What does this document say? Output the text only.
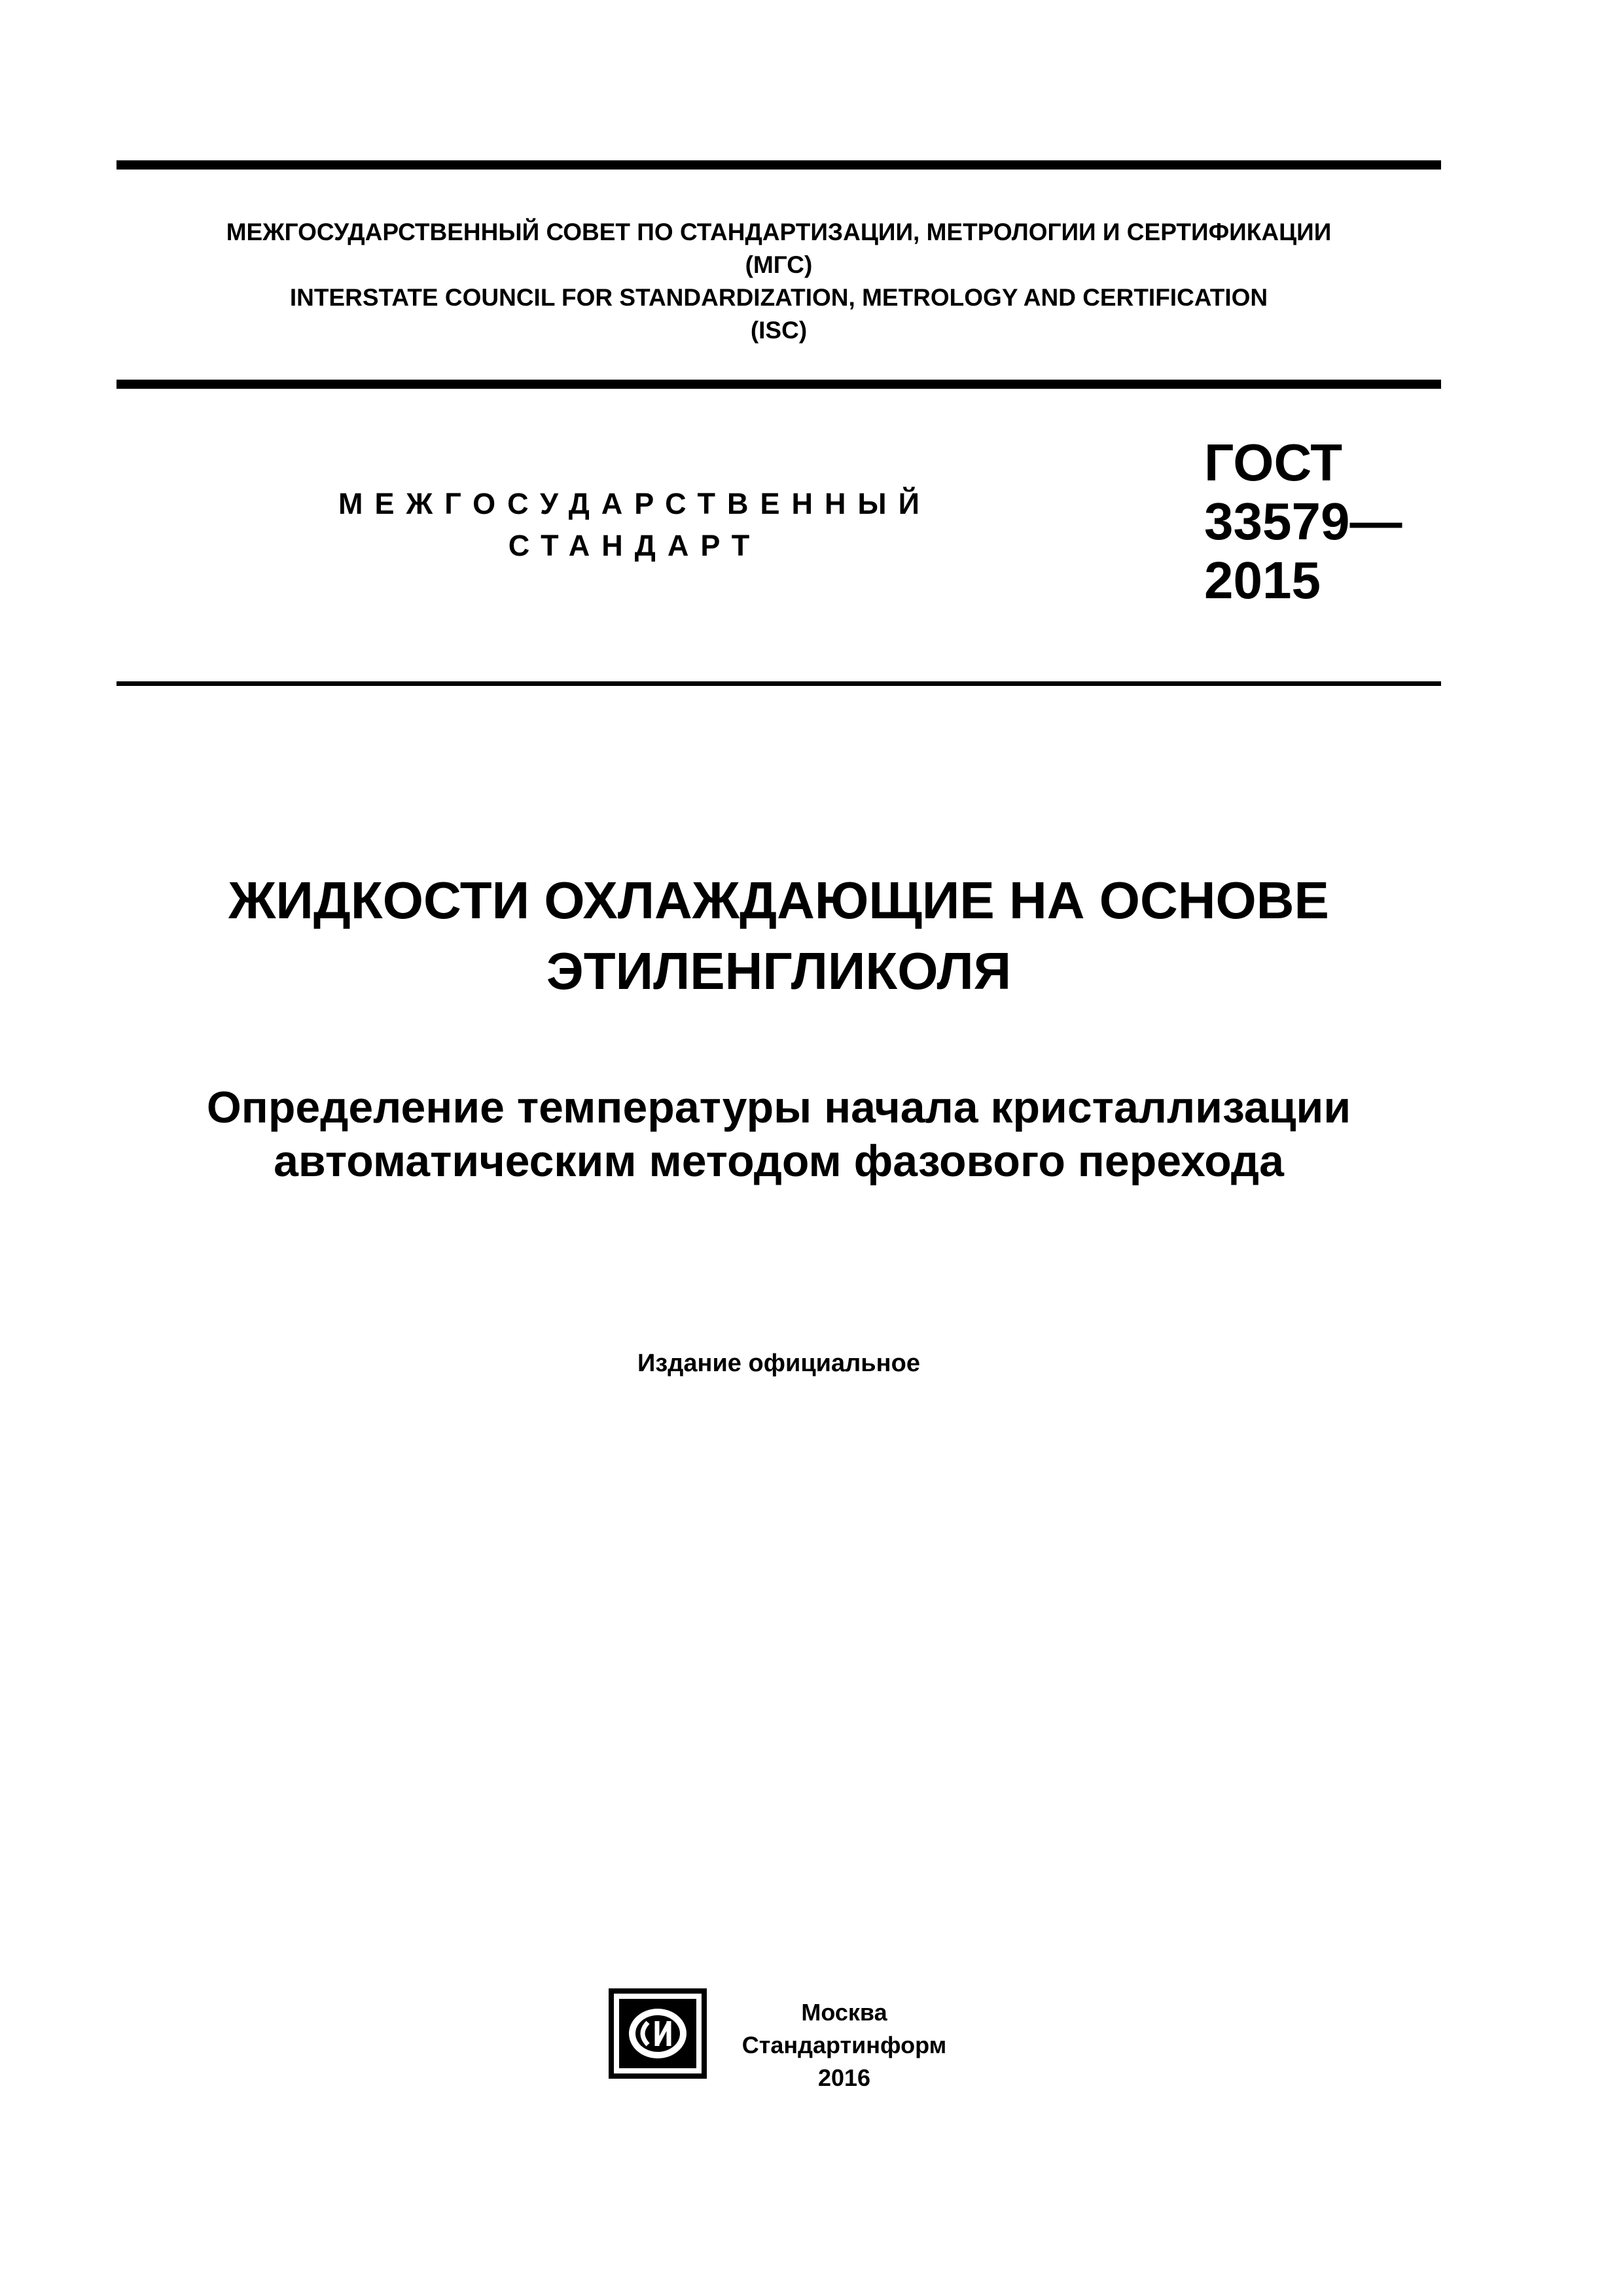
МЕЖГОСУДАРСТВЕННЫЙ СОВЕТ ПО СТАНДАРТИЗАЦИИ, МЕТРОЛОГИИ И СЕРТИФИКАЦИИ
(МГС)
INTERSTATE COUNCIL FOR STANDARDIZATION, METROLOGY AND CERTIFICATION
(ISC)
МЕЖГОСУДАРСТВЕННЫЙ
СТАНДАРТ
ГОСТ
33579—
2015
ЖИДКОСТИ ОХЛАЖДАЮЩИЕ НА ОСНОВЕ
ЭТИЛЕНГЛИКОЛЯ
Определение температуры начала кристаллизации
автоматическим методом фазового перехода
Издание официальное
Москва
Стандартинформ
2016
